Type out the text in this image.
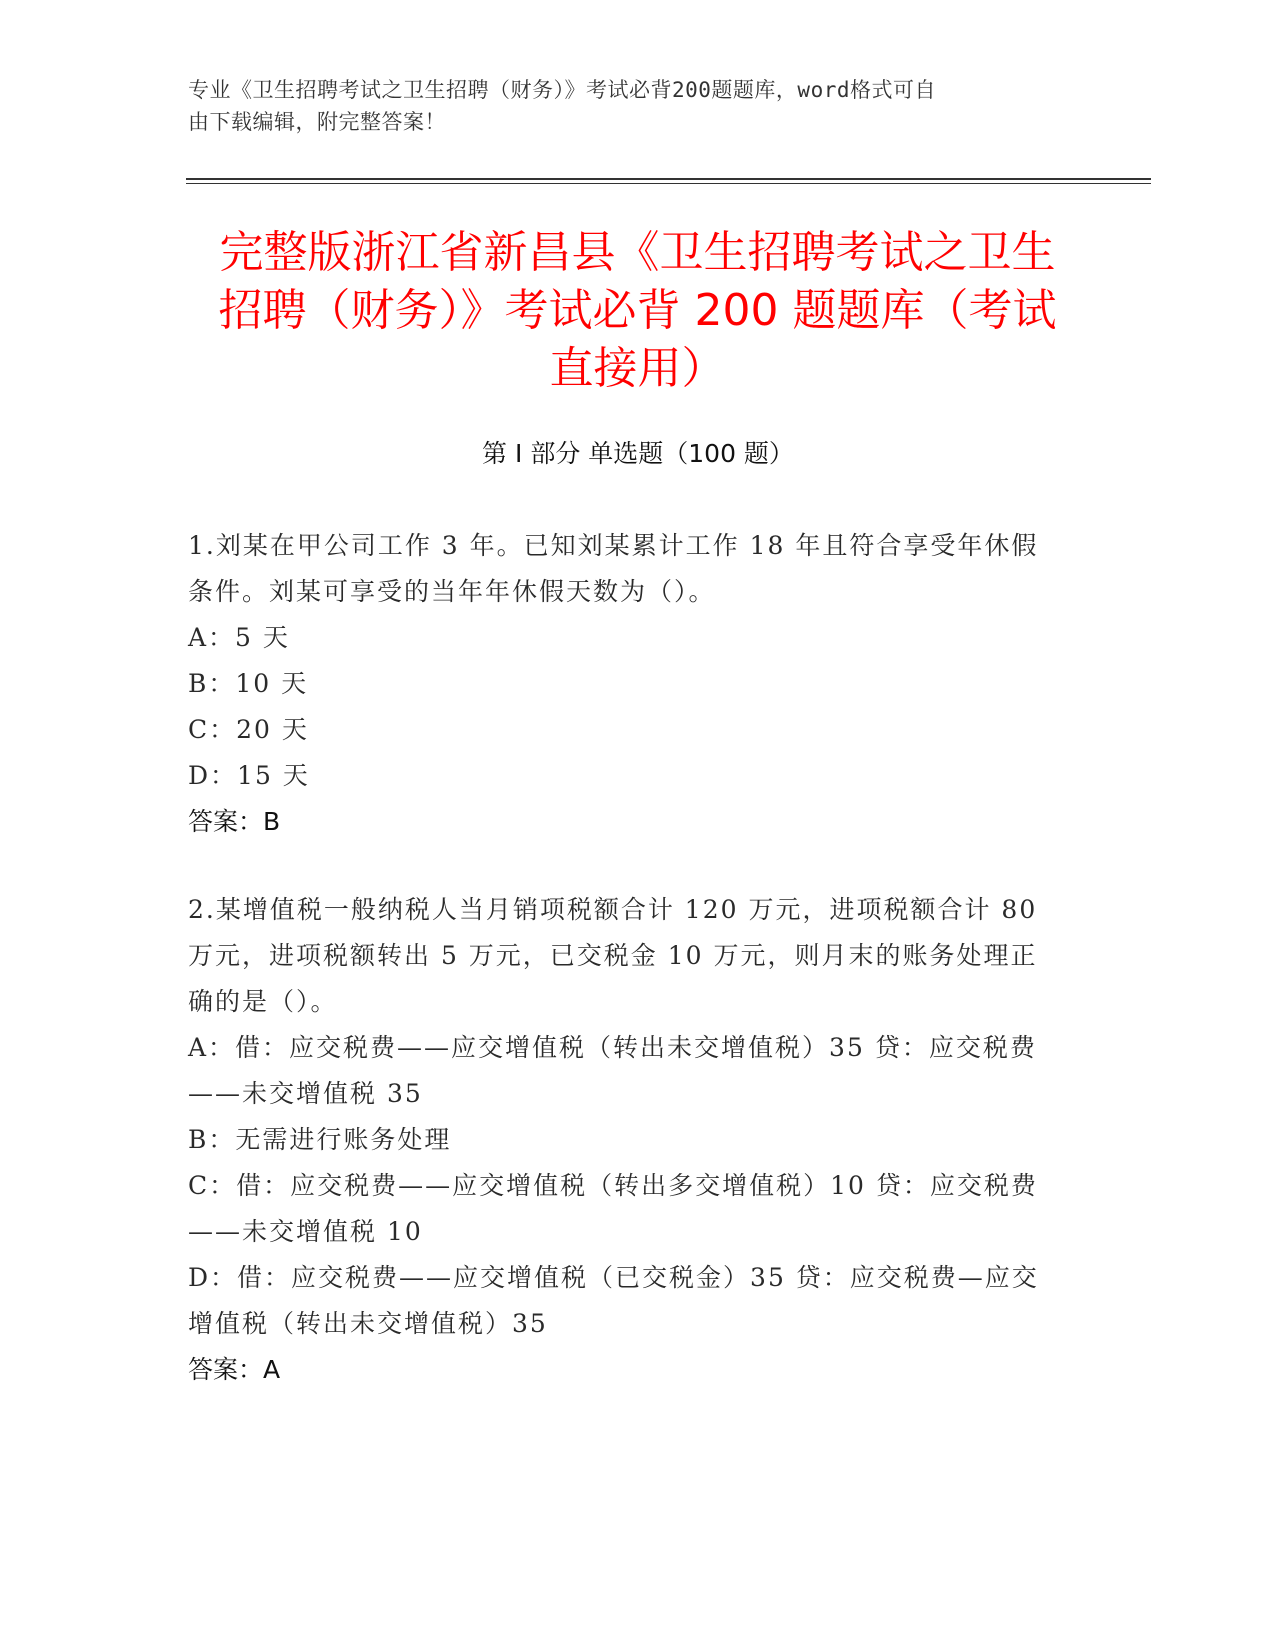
专业《卫生招聘考试之卫生招聘（财务）》考试必背200题题库，word格式可自
由下载编辑，附完整答案！
完整版浙江省新昌县《卫生招聘考试之卫生
招聘（财务）》考试必背 200 题题库（考试
直接用）
第 I 部分 单选题（100 题）
1.刘某在甲公司工作 3 年。已知刘某累计工作 18 年且符合享受年休假
条件。刘某可享受的当年年休假天数为（）。
A：5 天
B：10 天
C：20 天
D：15 天
答案：B
2.某增值税一般纳税人当月销项税额合计 120 万元，进项税额合计 80
万元，进项税额转出 5 万元，已交税金 10 万元，则月末的账务处理正
确的是（）。
A：借：应交税费——应交增值税（转出未交增值税）35 贷：应交税费
——未交增值税 35
B：无需进行账务处理
C：借：应交税费——应交增值税（转出多交增值税）10 贷：应交税费
——未交增值税 10
D：借：应交税费——应交增值税（已交税金）35 贷：应交税费—应交
增值税（转出未交增值税）35
答案：A
